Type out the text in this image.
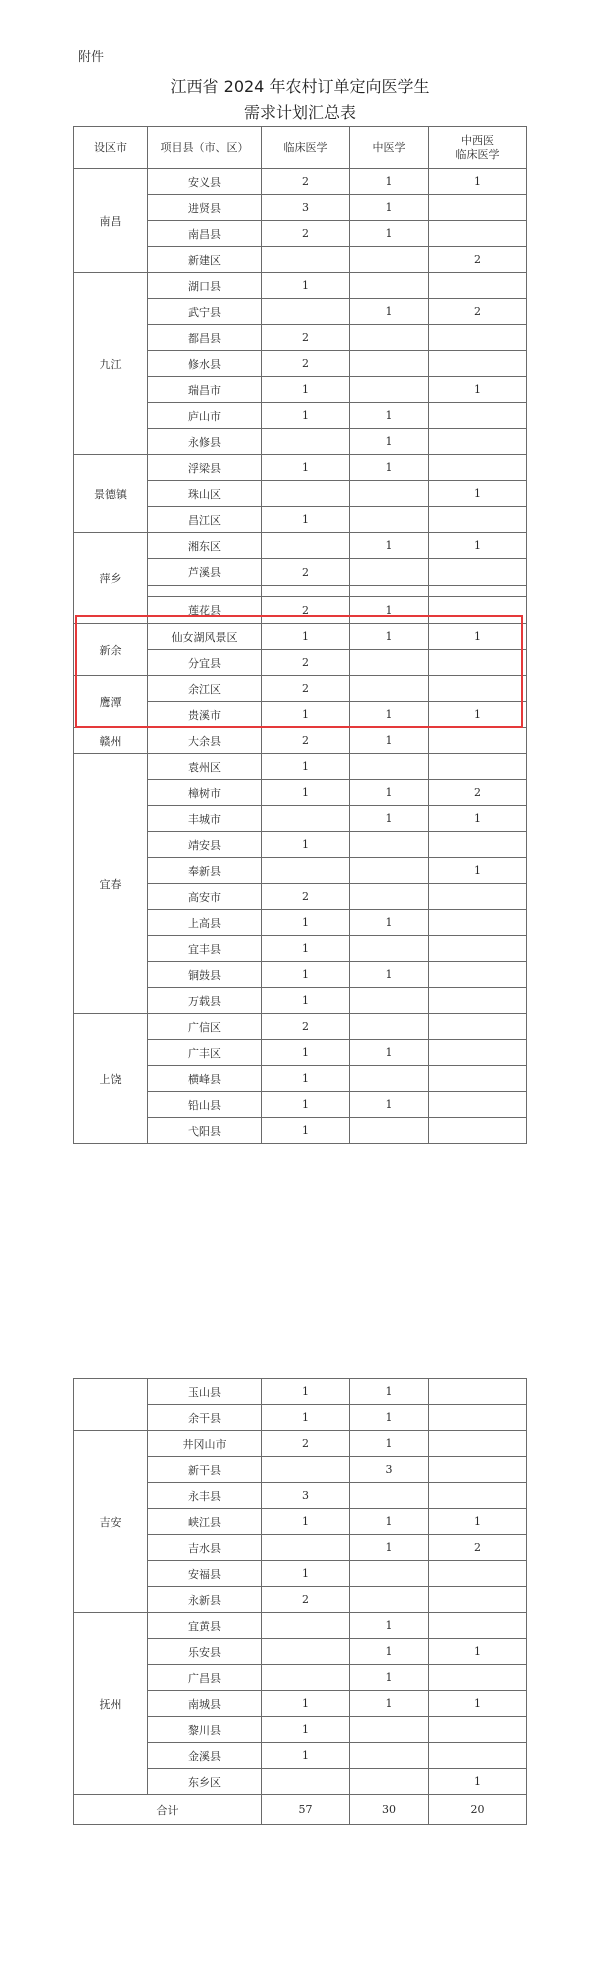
附件
江西省 2024 年农村订单定向医学生
需求计划汇总表
设区市	项目县（市、区）	临床医学	中医学	中西医
临床医学
南昌	安义县	2	1	1
	进贤县	3	1	
	南昌县	2	1	
	新建区			2
九江	湖口县	1		
	武宁县		1	2
	都昌县	2		
	修水县	2		
	瑞昌市	1		1
	庐山市	1	1	
	永修县		1	
景德镇	浮梁县	1	1	
	珠山区			1
	昌江区	1		
萍乡	湘东区		1	1
	芦溪县	2		

	莲花县	2	1	
新余	仙女湖风景区	1	1	1
	分宜县	2		
鹰潭	余江区	2		
	贵溪市	1	1	1
赣州	大余县	2	1	
宜春	袁州区	1		
	樟树市	1	1	2
	丰城市		1	1
	靖安县	1		
	奉新县			1
	高安市	2		
	上高县	1	1	
	宜丰县	1		
	铜鼓县	1	1	
	万载县	1		
上饶	广信区	2		
	广丰区	1	1	
	横峰县	1		
	铅山县	1	1	
	弋阳县	1		
	玉山县	1	1	
	余干县	1	1	
吉安	井冈山市	2	1	
	新干县		3	
	永丰县	3		
	峡江县	1	1	1
	吉水县		1	2
	安福县	1		
	永新县	2		
抚州	宜黄县		1	
	乐安县		1	1
	广昌县		1	
	南城县	1	1	1
	黎川县	1		
	金溪县	1		
	东乡区			1
合计		57	30	20
